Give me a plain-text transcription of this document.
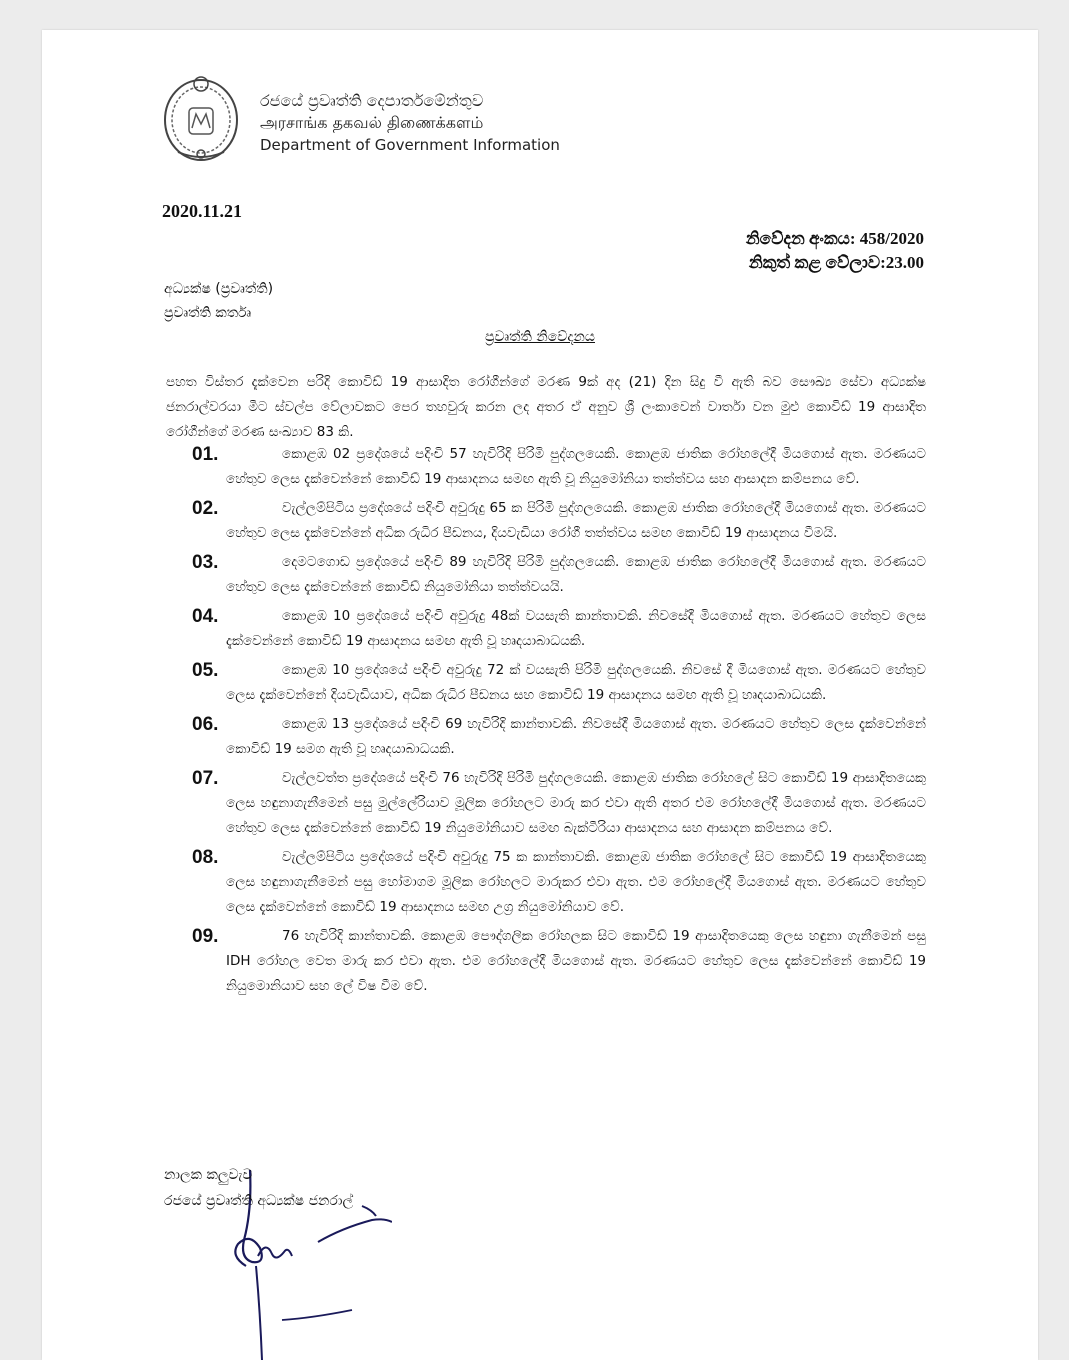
රජයේ ප්‍රවෘත්ති දෙපාර්තමේන්තුව
அரசாங்க தகவல் திணைக்களம்
Department of Government Information
2020.11.21
නිවේදන අංකය: 458/2020
නිකුත් කළ වේලාව:23.00
අධ්‍යක්ෂ (ප්‍රවෘත්ති)
ප්‍රවෘත්ති කර්තෘ
ප්‍රවෘත්ති නිවේදනය
පහත විස්තර දැක්වෙන පරිදි කොවිඩ් 19 ආසාදිත රෝගීන්ගේ මරණ 9ක් අද (21) දින සිදු වී ඇති බව සෞඛ්‍ය සේවා අධ්‍යක්ෂ ජනරාල්වරයා මීට ස්වල්ප වේලාවකට පෙර තහවුරු කරන ලද අතර ඒ අනුව ශ්‍රී ලංකාවෙන් වාර්තා වන මුළු කොවිඩ් 19 ආසාදිත රෝගීන්ගේ මරණ සංඛ්‍යාව 83 කි.
01.	කොළඹ 02 ප්‍රදේශයේ පදිංචි 57 හැවිරිදි පිරිමි පුද්ගලයෙකි. කොළඹ ජාතික රෝහලේදී මියගොස් ඇත. මරණයට හේතුව ලෙස දැක්වෙන්නේ කොවිඩ් 19 ආසාදනය සමඟ ඇති වූ නියුමෝනියා තත්ත්වය සහ ආසාදන කම්පනය වේ.
02.	වැල්ලම්පිටිය ප්‍රදේශයේ පදිංචි අවුරුදු 65 ක පිරිමි පුද්ගලයෙකි. කොළඹ ජාතික රෝහලේදී මියගොස් ඇත. මරණයට හේතුව ලෙස දැක්වෙන්නේ අධික රුධිර පීඩනය, දියවැඩියා රෝගී තත්ත්වය සමඟ කොවිඩ් 19 ආසාදනය වීමයි.
03.	දෙමටගොඩ ප්‍රදේශයේ පදිංචි 89 හැවිරිදි පිරිමි පුද්ගලයෙකි. කොළඹ ජාතික රෝහලේදී මියගොස් ඇත. මරණයට හේතුව ලෙස දැක්වෙන්නේ කොවිඩ් නියුමෝනියා තත්ත්වයයි.
04.	කොළඹ 10 ප්‍රදේශයේ පදිංචි අවුරුදු 48ක් වයසැති කාන්තාවකි. නිවසේදී මියගොස් ඇත. මරණයට හේතුව ලෙස දැක්වෙන්නේ කොවිඩ් 19 ආසාදනය සමඟ ඇති වූ හෘදයාබාධයකි.
05.	කොළඹ 10 ප්‍රදේශයේ පදිංචි අවුරුදු 72 ක් වයසැති පිරිමි පුද්ගලයෙකි. නිවසේ දී මියගොස් ඇත. මරණයට හේතුව ලෙස දැක්වෙන්නේ දියවැඩියාව, අධික රුධිර පීඩනය සහ කොවිඩ් 19 ආසාදනය සමඟ ඇති වූ හෘදයාබාධයකි.
06.	කොළඹ 13 ප්‍රදේශයේ පදිංචි 69 හැවිරිදි කාන්තාවකි. නිවසේදී මියගොස් ඇත. මරණයට හේතුව ලෙස දැක්වෙන්නේ කොවිඩ් 19 සමග ඇති වූ හෘදයාබාධයකි.
07.	වැල්ලවත්ත ප්‍රදේශයේ පදිංචි 76 හැවිරිදි පිරිමි පුද්ගලයෙකි. කොළඹ ජාතික රෝහලේ සිට කොවිඩ් 19 ආසාදිතයෙකු ලෙස හඳුනාගැනීමෙන් පසු මුල්ලේරියාව මූලික රෝහලට මාරු කර එවා ඇති අතර එම රෝහලේදී මියගොස් ඇත. මරණයට හේතුව ලෙස දැක්වෙන්නේ කොවිඩ් 19 නියුමෝනියාව සමඟ බැක්ටීරියා ආසාදනය සහ ආසාදන කම්පනය වේ.
08.	වැල්ලම්පිටිය ප්‍රදේශයේ පදිංචි අවුරුදු 75 ක කාන්තාවකි. කොළඹ ජාතික රෝහලේ සිට කොවිඩ් 19 ආසාදිතයෙකු ලෙස හඳුනාගැනීමෙන් පසු හෝමාගම මූලික රෝහලට මාරුකර එවා ඇත. එම රෝහලේදී මියගොස් ඇත. මරණයට හේතුව ලෙස දැක්වෙන්නේ කොවිඩ් 19 ආසාදනය සමඟ උග්‍ර නියුමෝනියාව වේ.
09.	76 හැවිරිදි කාන්තාවකි. කොළඹ පෞද්ගලික රෝහලක සිට කොවිඩ් 19 ආසාදිතයෙකු ලෙස හඳුනා ගැනීමෙන් පසු IDH රෝහල වෙත මාරු කර එවා ඇත. එම රෝහලේදී මියගොස් ඇත. මරණයට හේතුව ලෙස දැක්වෙන්නේ කොවිඩ් 19 නියුමොනියාව සහ ලේ විෂ වීම වේ.
නාලක කලුවැව
රජයේ ප්‍රවෘත්ති අධ්‍යක්ෂ ජනරාල්
